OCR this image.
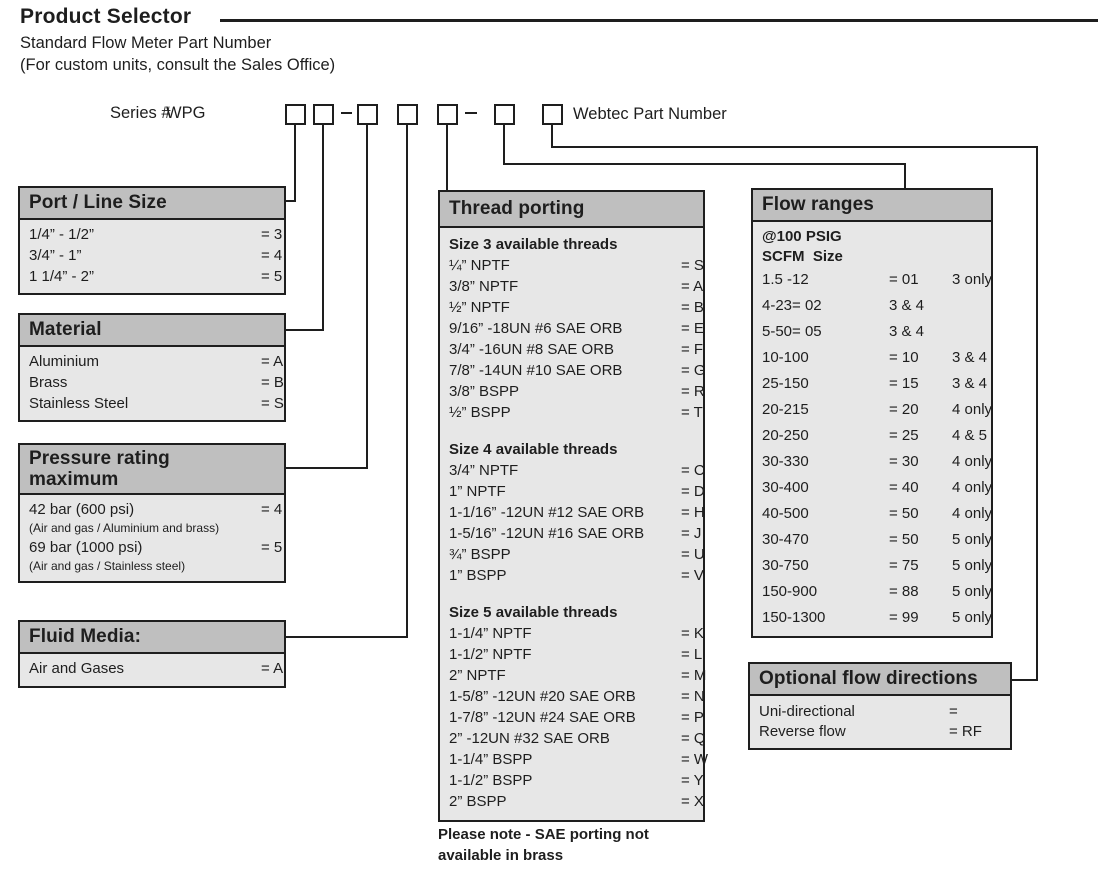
Product Selector
Standard Flow Meter Part Number
(For custom units, consult the Sales Office)
Series #
WPG	Webtec Part Number
Port / Line Size
1/4” - 1/2”	= 3
3/4” - 1”	= 4
1 1/4” - 2”	= 5
Material
Aluminium	= A
Brass	= B
Stainless Steel	= S
Pressure rating
maximum
42 bar (600 psi)	= 4
(Air and gas / Aluminium and brass)
69 bar (1000 psi)	= 5
(Air and gas / Stainless steel)
Fluid Media:
Air and Gases	= A
Thread porting
Size 3 available threads
¼” NPTF	= S
3/8” NPTF	= A
½” NPTF	= B
9/16” -18UN #6 SAE ORB	= E
3/4” -16UN #8 SAE ORB	= F
7/8” -14UN #10 SAE ORB	= G
3/8” BSPP	= R
½” BSPP	= T
Size 4 available threads
3/4” NPTF	= C
1” NPTF	= D
1-1/16” -12UN #12 SAE ORB = H
1-5/16” -12UN #16 SAE ORB = J
¾” BSPP	= U
1” BSPP	= V
Size 5 available threads
1-1/4” NPTF	= K
1-1/2” NPTF	= L
2” NPTF	= M
1-5/8” -12UN #20 SAE ORB	= N
1-7/8” -12UN #24 SAE ORB	= P
2” -12UN #32 SAE ORB	= Q
1-1/4” BSPP	= W
1-1/2” BSPP	= Y
2” BSPP	= X
Flow ranges
@100 PSIG
SCFM  Size
1.5 -12	= 01 3 only
4-23= 02	3 & 4
5-50= 05	3 & 4
10-100	= 10 3 & 4
25-150	= 15 3 & 4
20-215	= 20 4 only
20-250	= 25 4 & 5
30-330	= 30 4 only
30-400	= 40 4 only
40-500	= 50 4 only
30-470	= 50 5 only
30-750	= 75 5 only
150-900	= 88 5 only
150-1300	= 99 5 only
Optional flow directions
Uni-directional	=
Reverse flow	= RF
Please note - SAE porting not
available in brass
